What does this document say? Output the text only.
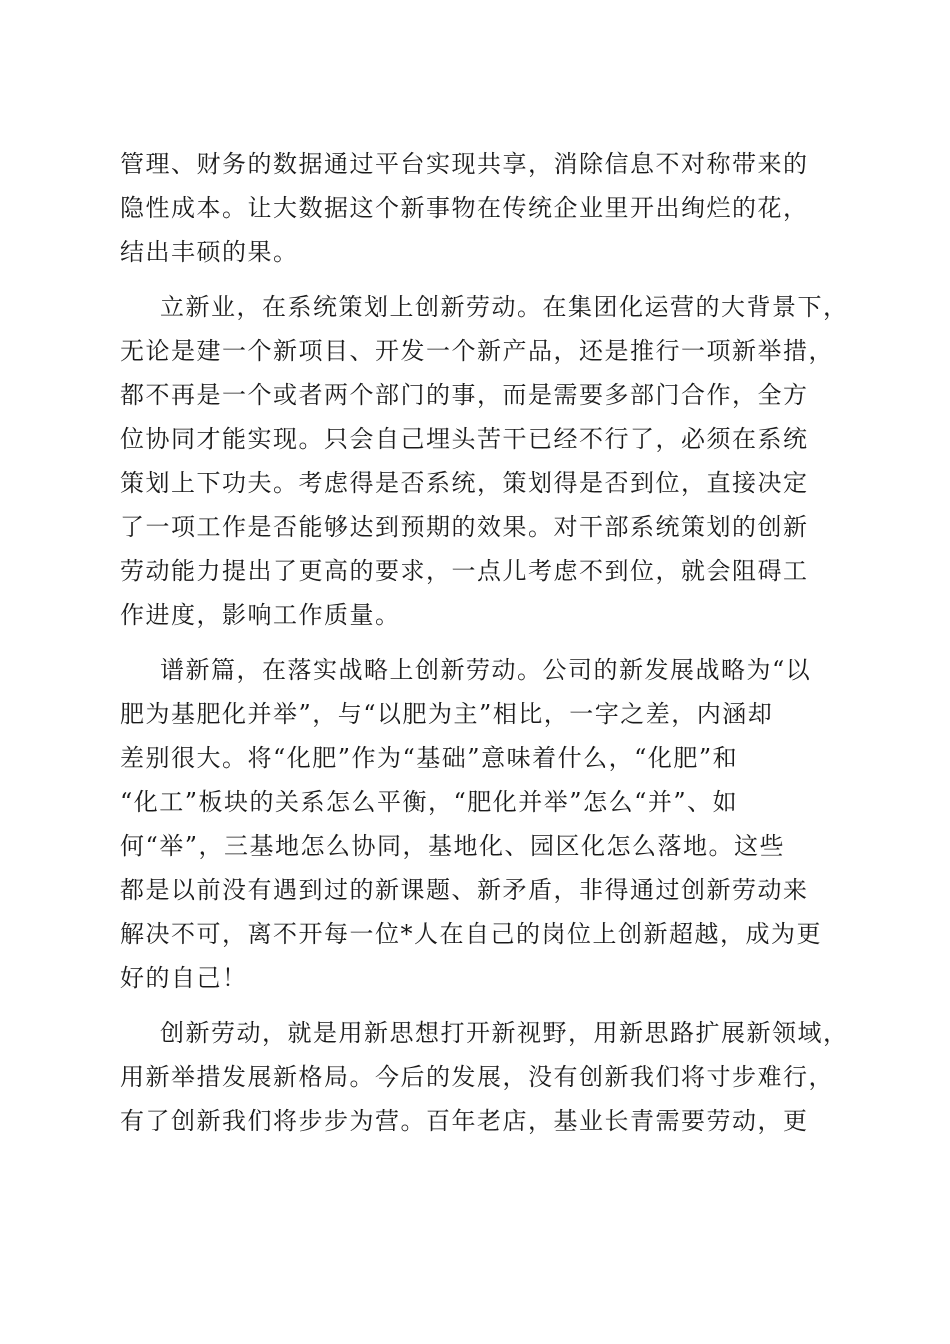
管理、财务的数据通过平台实现共享，消除信息不对称带来的
隐性成本。让大数据这个新事物在传统企业里开出绚烂的花，
结出丰硕的果。
立新业，在系统策划上创新劳动。在集团化运营的大背景下，
无论是建一个新项目、开发一个新产品，还是推行一项新举措，
都不再是一个或者两个部门的事，而是需要多部门合作，全方
位协同才能实现。只会自己埋头苦干已经不行了，必须在系统
策划上下功夫。考虑得是否系统，策划得是否到位，直接决定
了一项工作是否能够达到预期的效果。对干部系统策划的创新
劳动能力提出了更高的要求，一点儿考虑不到位，就会阻碍工
作进度，影响工作质量。
谱新篇，在落实战略上创新劳动。公司的新发展战略为“以
肥为基肥化并举”，与“以肥为主”相比，一字之差，内涵却
差别很大。将“化肥”作为“基础”意味着什么，“化肥”和
“化工”板块的关系怎么平衡，“肥化并举”怎么“并”、如
何“举”，三基地怎么协同，基地化、园区化怎么落地。这些
都是以前没有遇到过的新课题、新矛盾，非得通过创新劳动来
解决不可，离不开每一位*人在自己的岗位上创新超越，成为更
好的自己！
创新劳动，就是用新思想打开新视野，用新思路扩展新领域，
用新举措发展新格局。今后的发展，没有创新我们将寸步难行，
有了创新我们将步步为营。百年老店，基业长青需要劳动，更
